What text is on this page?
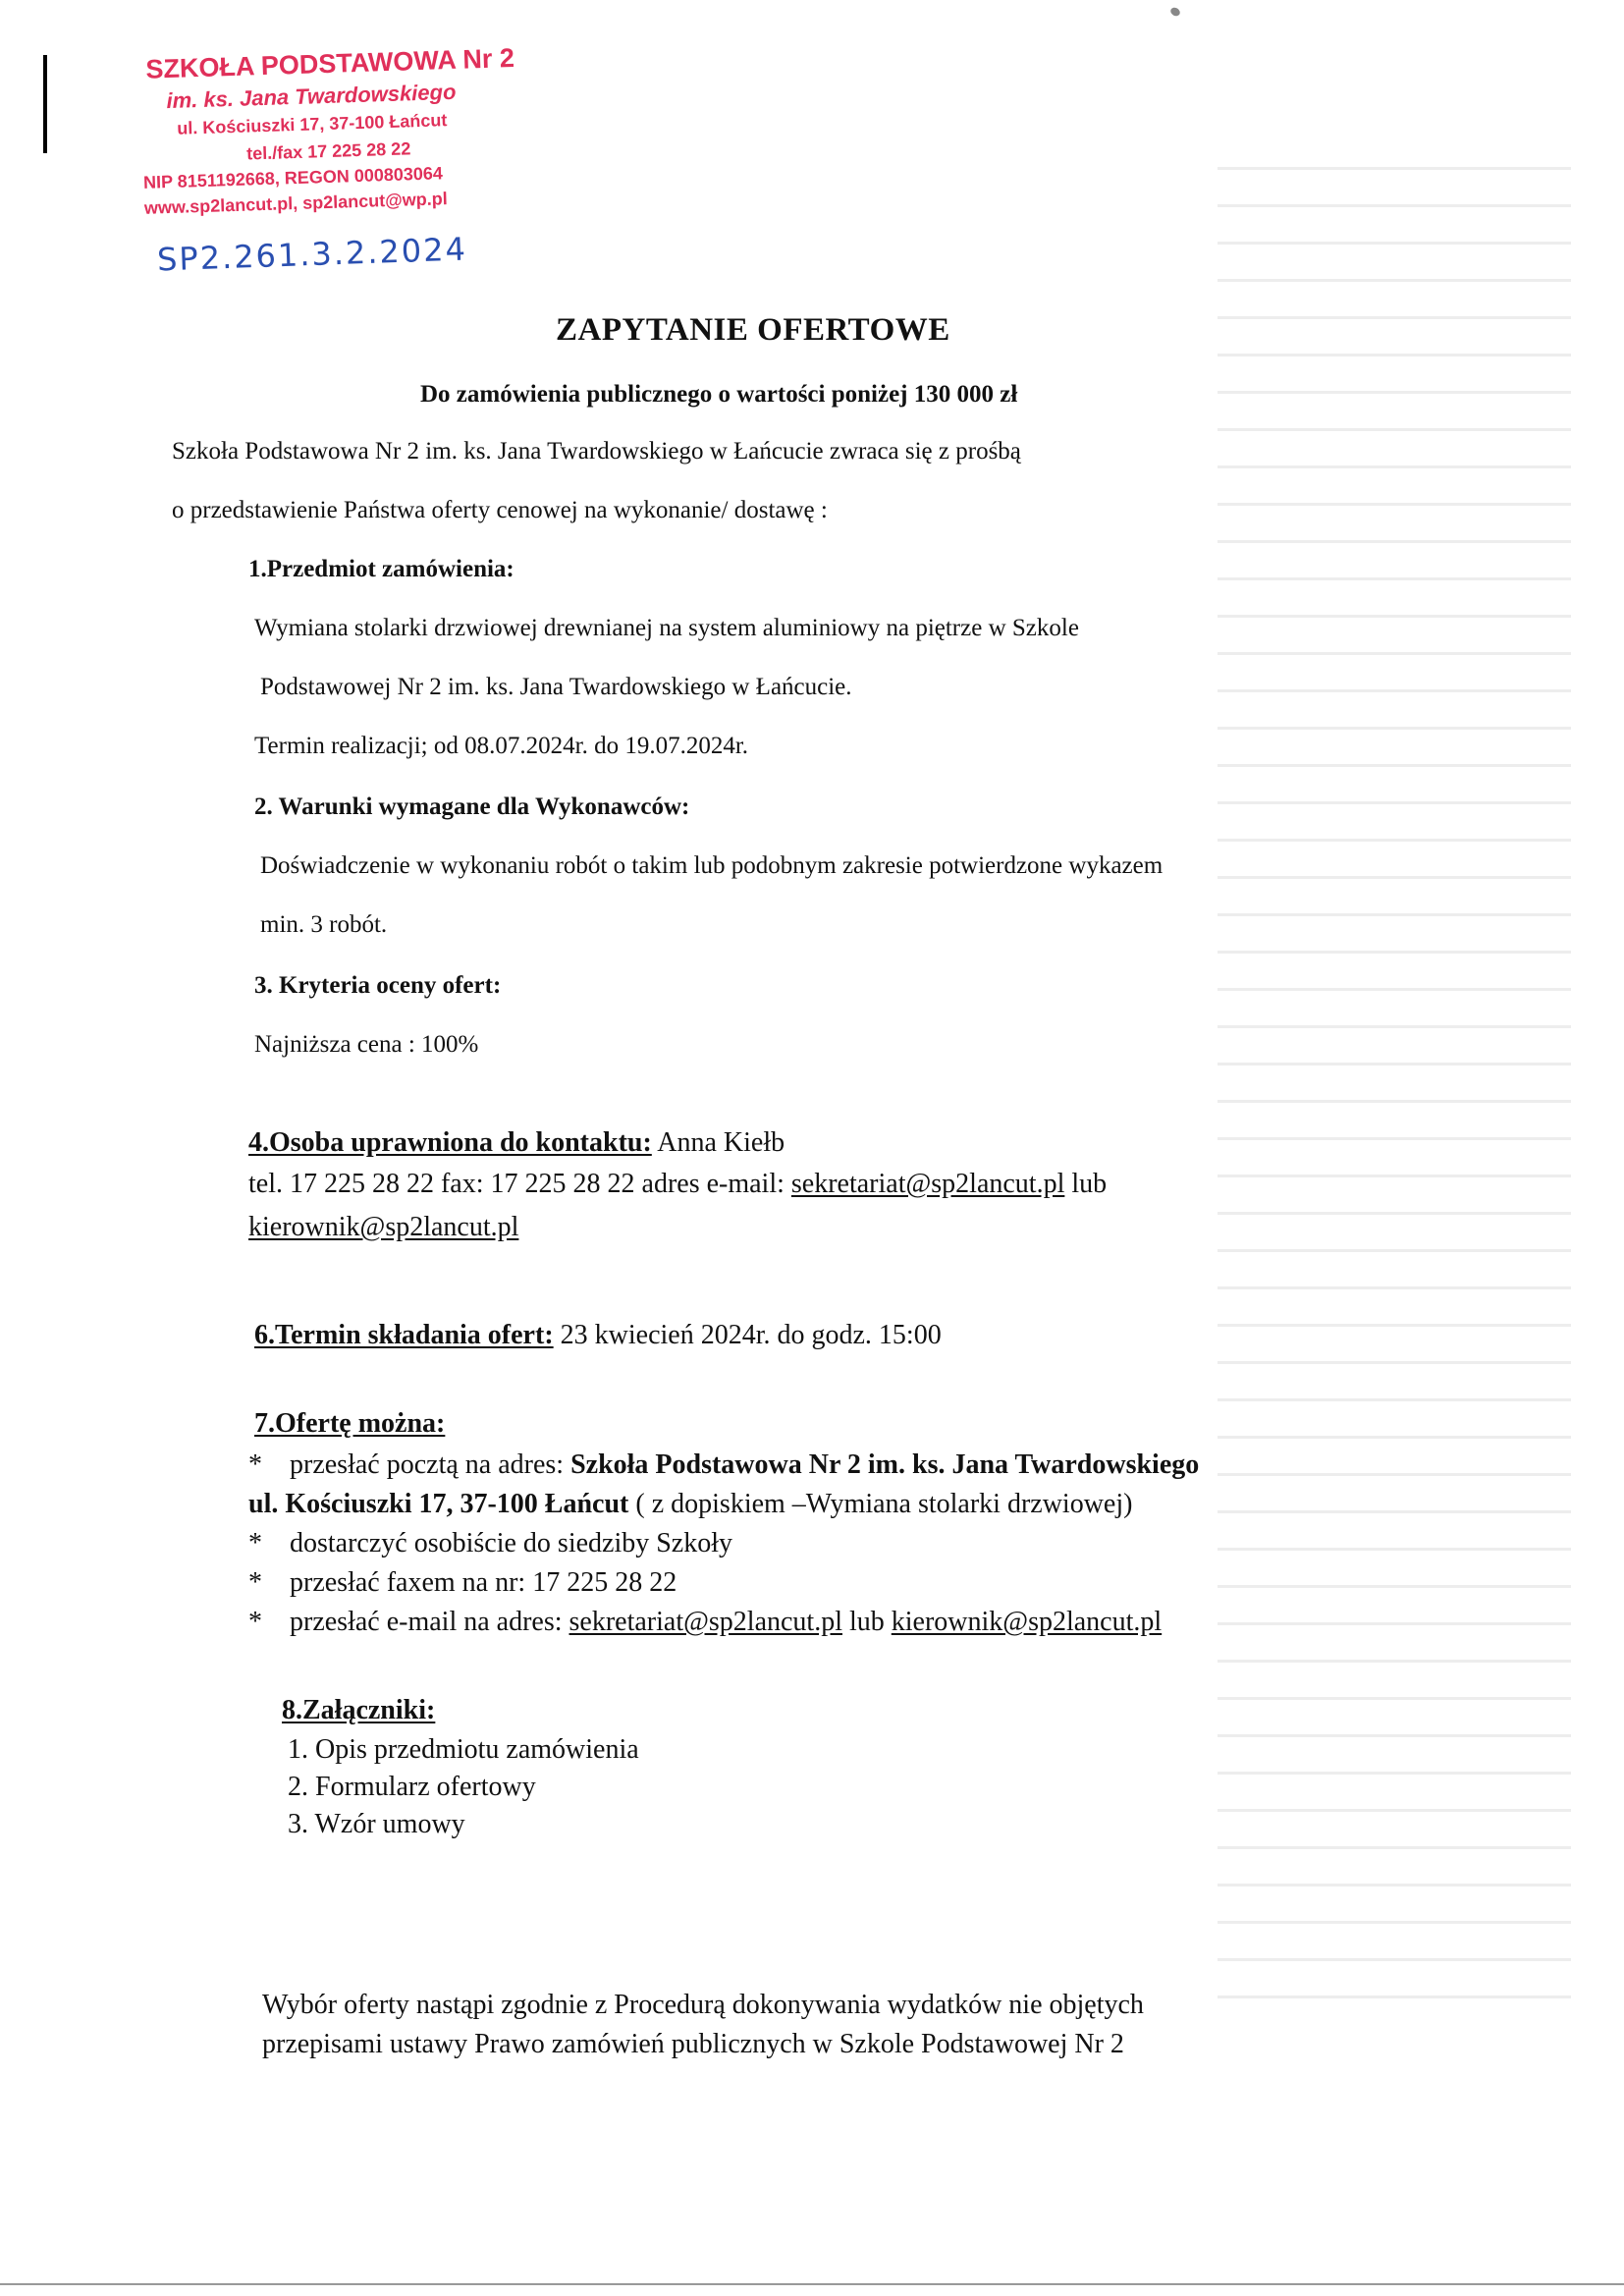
SZKOŁA PODSTAWOWA Nr 2
im. ks. Jana Twardowskiego
ul. Kościuszki 17, 37-100 Łańcut
tel./fax 17 225 28 22
NIP 8151192668, REGON 000803064
www.sp2lancut.pl, sp2lancut@wp.pl
SP2.261.3.2.2024
ZAPYTANIE OFERTOWE
Do zamówienia publicznego o wartości poniżej 130 000 zł
Szkoła Podstawowa Nr 2 im. ks. Jana Twardowskiego w Łańcucie zwraca się z prośbą
o przedstawienie Państwa oferty cenowej na wykonanie/ dostawę :
1.Przedmiot zamówienia:
Wymiana stolarki drzwiowej drewnianej na system aluminiowy na piętrze w Szkole
Podstawowej Nr 2 im. ks. Jana Twardowskiego w Łańcucie.
Termin realizacji; od 08.07.2024r. do 19.07.2024r.
2. Warunki wymagane dla Wykonawców:
Doświadczenie w wykonaniu robót o takim lub podobnym zakresie potwierdzone wykazem
min. 3 robót.
3. Kryteria oceny ofert:
Najniższa cena : 100%
4.Osoba uprawniona do kontaktu: Anna Kiełb
tel. 17 225 28 22 fax: 17 225 28 22 adres e-mail: sekretariat@sp2lancut.pl lub
kierownik@sp2lancut.pl
6.Termin składania ofert: 23 kwiecień 2024r. do godz. 15:00
7.Ofertę można:
* przesłać pocztą na adres: Szkoła Podstawowa Nr 2 im. ks. Jana Twardowskiego
ul. Kościuszki 17, 37-100 Łańcut ( z dopiskiem –Wymiana stolarki drzwiowej)
* dostarczyć osobiście do siedziby Szkoły
* przesłać faxem na nr: 17 225 28 22
* przesłać e-mail na adres: sekretariat@sp2lancut.pl lub kierownik@sp2lancut.pl
8.Załączniki:
1. Opis przedmiotu zamówienia
2. Formularz ofertowy
3. Wzór umowy
Wybór oferty nastąpi zgodnie z Procedurą dokonywania wydatków nie objętych
przepisami ustawy Prawo zamówień publicznych w Szkole Podstawowej Nr 2
